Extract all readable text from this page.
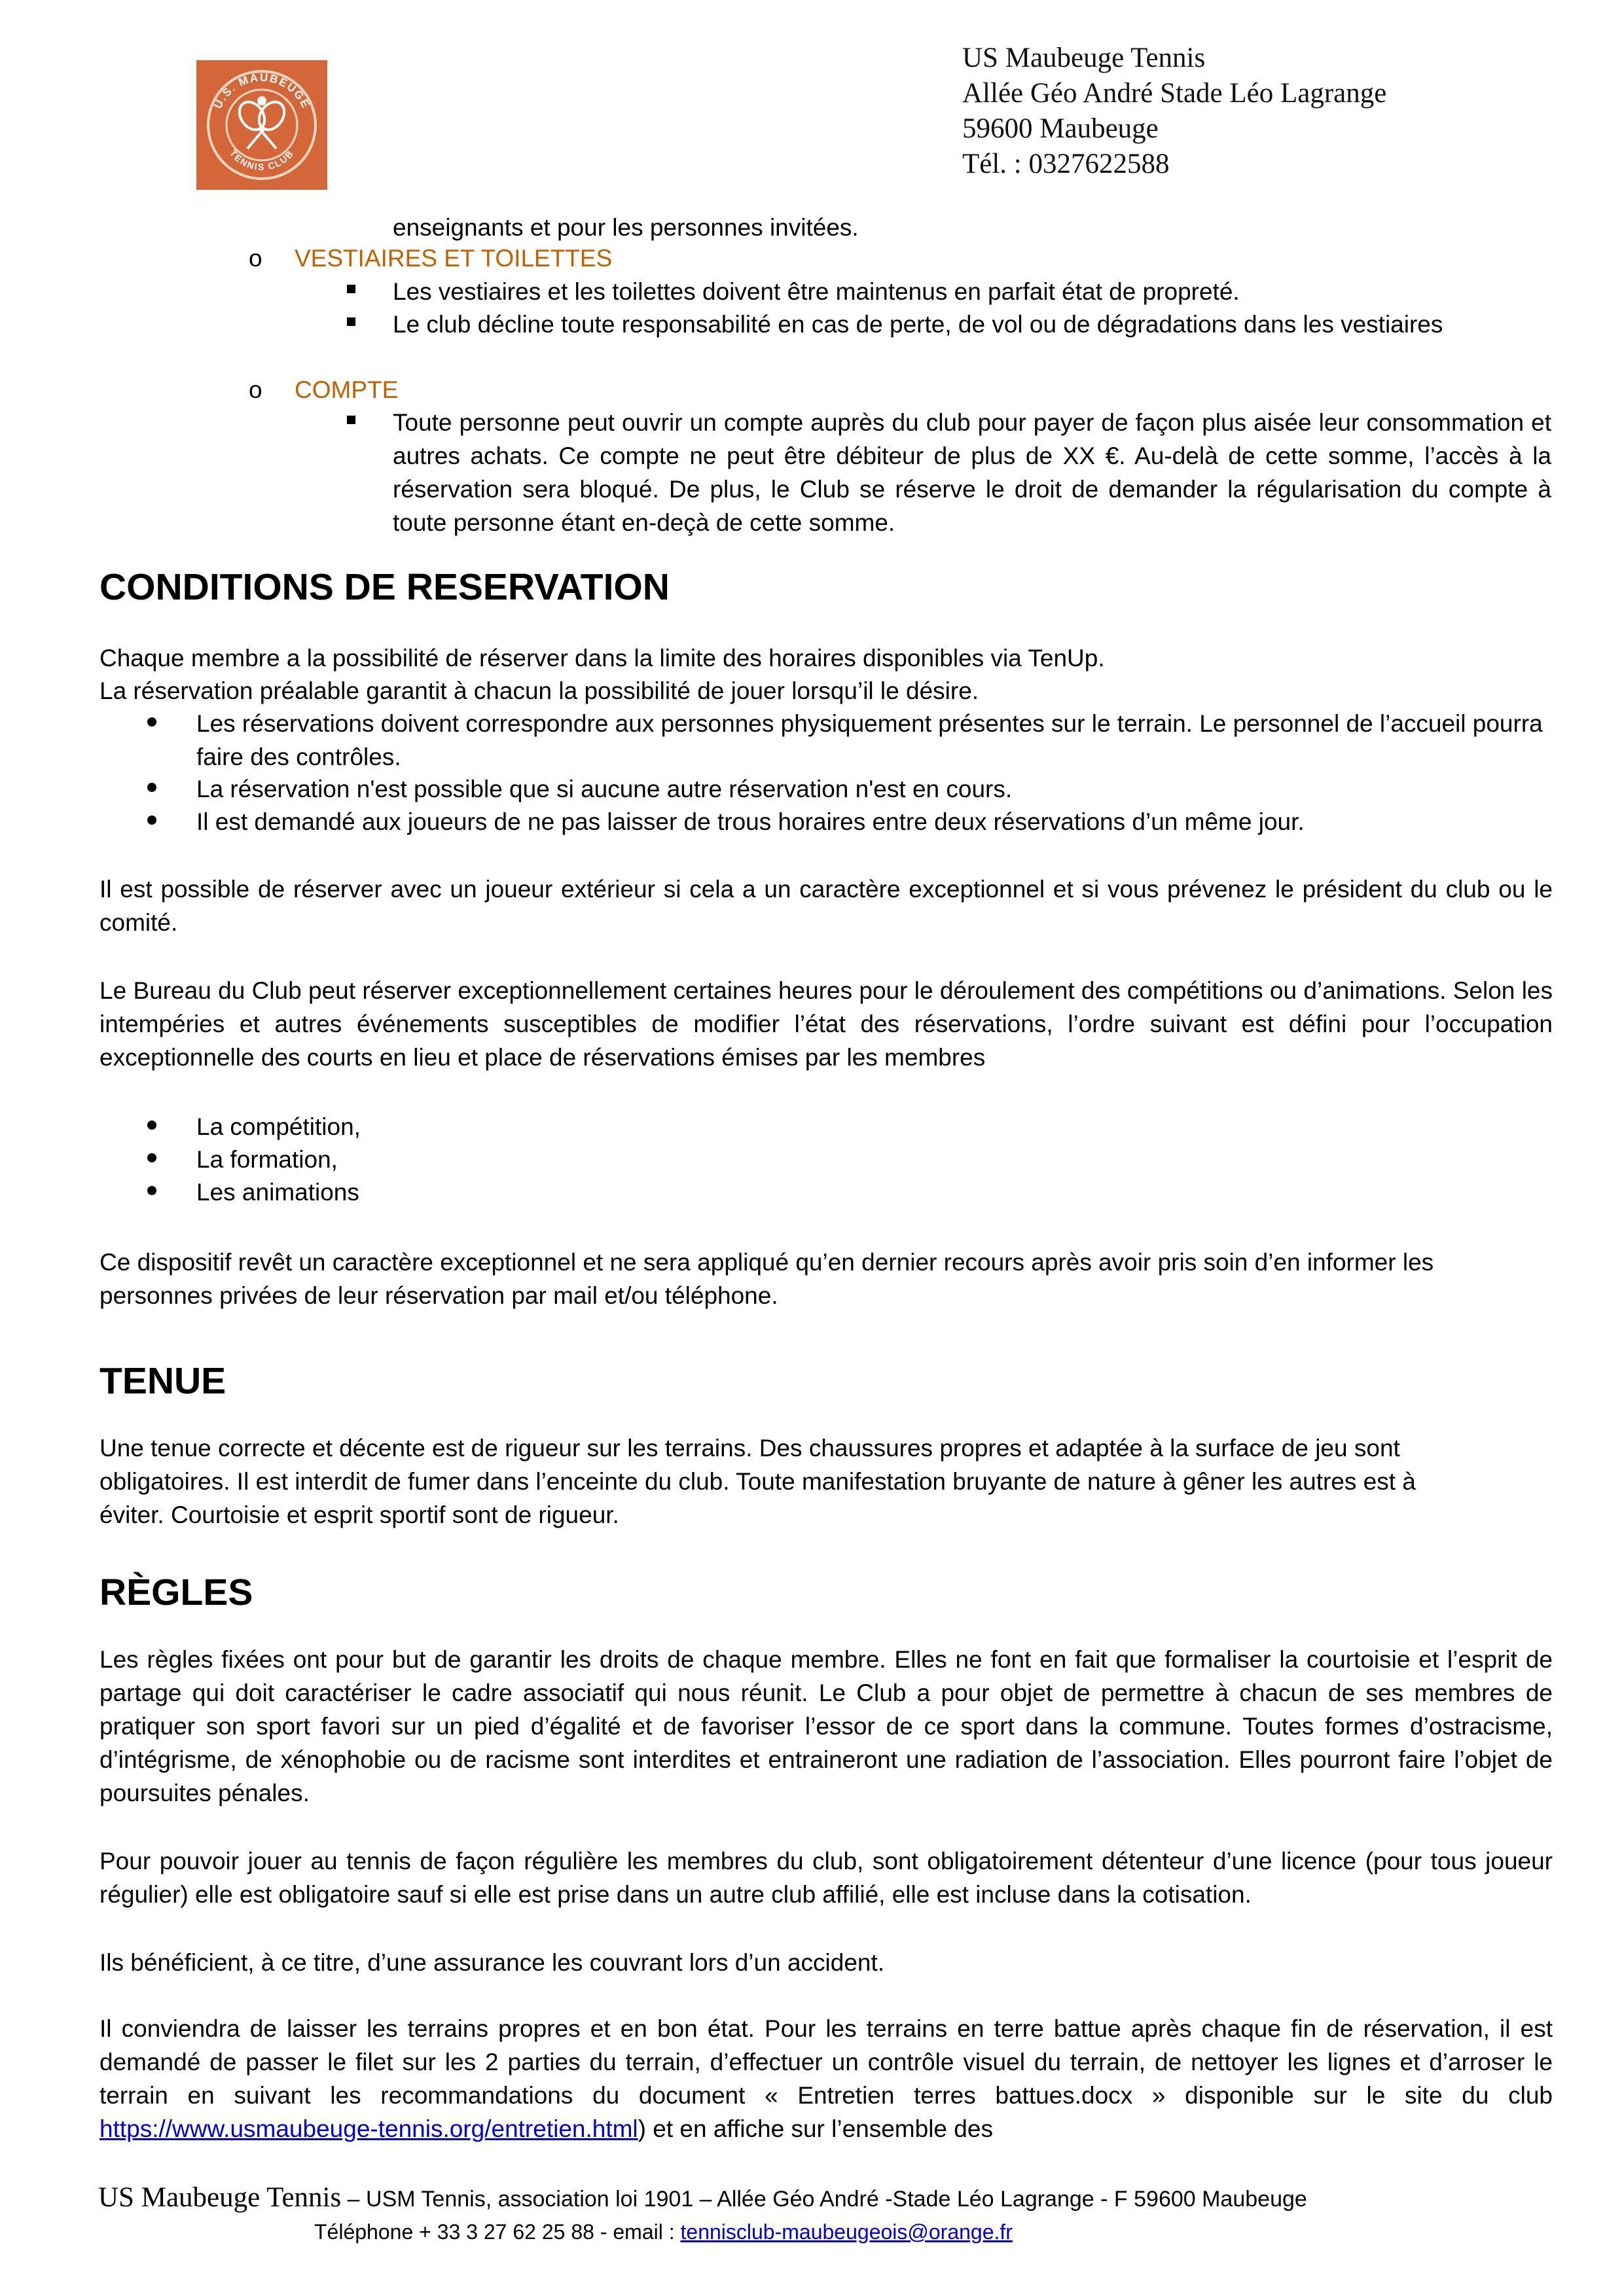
U.S. MAUBEUGE
TENNIS CLUB
US Maubeuge Tennis
Allée Géo André Stade Léo Lagrange
59600 Maubeuge
Tél. : 0327622588
enseignants et pour les personnes invitées.
o VESTIAIRES ET TOILETTES
Les vestiaires et les toilettes doivent être maintenus en parfait état de propreté.
Le club décline toute responsabilité en cas de perte, de vol ou de dégradations dans les vestiaires
o COMPTE
Toute personne peut ouvrir un compte auprès du club pour payer de façon plus aisée leur consommation et autres achats. Ce compte ne peut être débiteur de plus de XX €. Au-delà de cette somme, l’accès à la réservation sera bloqué. De plus, le Club se réserve le droit de demander la régularisation du compte à toute personne étant en-deçà de cette somme.
CONDITIONS DE RESERVATION
Chaque membre a la possibilité de réserver dans la limite des horaires disponibles via TenUp.
La réservation préalable garantit à chacun la possibilité de jouer lorsqu’il le désire.
Les réservations doivent correspondre aux personnes physiquement présentes sur le terrain. Le personnel de l’accueil pourra faire des contrôles.
La réservation n'est possible que si aucune autre réservation n'est en cours.
Il est demandé aux joueurs de ne pas laisser de trous horaires entre deux réservations d’un même jour.
Il est possible de réserver avec un joueur extérieur si cela a un caractère exceptionnel et si vous prévenez le président du club ou le comité.
Le Bureau du Club peut réserver exceptionnellement certaines heures pour le déroulement des compétitions ou d’animations. Selon les intempéries et autres événements susceptibles de modifier l’état des réservations, l’ordre suivant est défini pour l’occupation exceptionnelle des courts en lieu et place de réservations émises par les membres
La compétition,
La formation,
Les animations
Ce dispositif revêt un caractère exceptionnel et ne sera appliqué qu’en dernier recours après avoir pris soin d’en informer les personnes privées de leur réservation par mail et/ou téléphone.
TENUE
Une tenue correcte et décente est de rigueur sur les terrains. Des chaussures propres et adaptée à la surface de jeu sont obligatoires. Il est interdit de fumer dans l’enceinte du club. Toute manifestation bruyante de nature à gêner les autres est à éviter. Courtoisie et esprit sportif sont de rigueur.
RÈGLES
Les règles fixées ont pour but de garantir les droits de chaque membre. Elles ne font en fait que formaliser la courtoisie et l’esprit de partage qui doit caractériser le cadre associatif qui nous réunit. Le Club a pour objet de permettre à chacun de ses membres de pratiquer son sport favori sur un pied d’égalité et de favoriser l’essor de ce sport dans la commune. Toutes formes d’ostracisme, d’intégrisme, de xénophobie ou de racisme sont interdites et entraineront une radiation de l’association. Elles pourront faire l’objet de poursuites pénales.
Pour pouvoir jouer au tennis de façon régulière les membres du club, sont obligatoirement détenteur d’une licence (pour tous joueur régulier) elle est obligatoire sauf si elle est prise dans un autre club affilié, elle est incluse dans la cotisation.
Ils bénéficient, à ce titre, d’une assurance les couvrant lors d’un accident.
Il conviendra de laisser les terrains propres et en bon état. Pour les terrains en terre battue après chaque fin de réservation, il est demandé de passer le filet sur les 2 parties du terrain, d’effectuer un contrôle visuel du terrain, de nettoyer les lignes et d’arroser le terrain en suivant les recommandations du document « Entretien terres battues.docx » disponible sur le site du club https://www.usmaubeuge-tennis.org/entretien.html) et en affiche sur l’ensemble des
US Maubeuge Tennis – USM Tennis, association loi 1901 – Allée Géo André -Stade Léo Lagrange - F 59600 Maubeuge
Téléphone + 33 3 27 62 25 88 - email : tennisclub-maubeugeois@orange.fr
